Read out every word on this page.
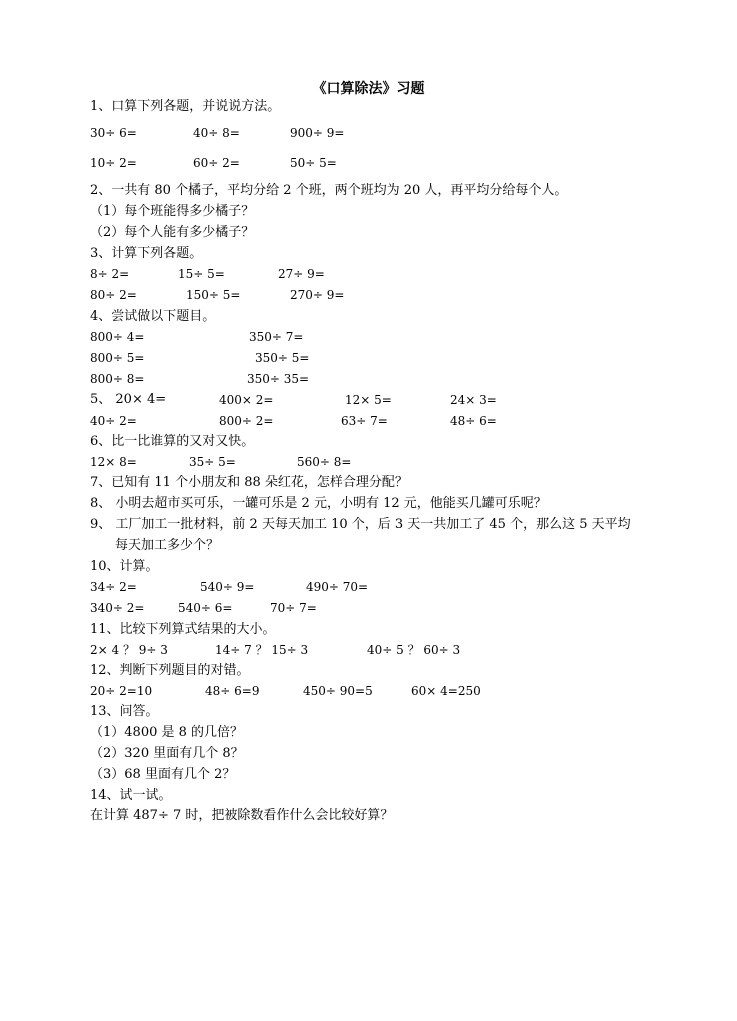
《口算除法》习题
1、口算下列各题，并说说方法。
30÷ 6=	40÷ 8=	900÷ 9=
10÷ 2=	60÷ 2=	50÷ 5=
2、一共有 80 个橘子，平均分给 2 个班，两个班均为 20 人，再平均分给每个人。
（1）每个班能得多少橘子？
（2）每个人能有多少橘子？
3、计算下列各题。
8÷ 2=	15÷ 5=	27÷ 9=
80÷ 2=	150÷ 5=	270÷ 9=
4、尝试做以下题目。
800÷ 4=	350÷ 7=
800÷ 5=	350÷ 5=
800÷ 8=	350÷ 35=
5、 20× 4=	400× 2=	12× 5=	24× 3=
40÷ 2=	800÷ 2=	63÷ 7=	48÷ 6=
6、比一比谁算的又对又快。
12× 8=	35÷ 5=	560÷ 8=
7、已知有 11 个小朋友和 88 朵红花，怎样合理分配？
8、 小明去超市买可乐，一罐可乐是 2 元，小明有 12 元，他能买几罐可乐呢？
9、 工厂加工一批材料，前 2 天每天加工 10 个，后 3 天一共加工了 45 个，那么这 5 天平均
每天加工多少个？
10、计算。
34÷ 2=	540÷ 9=	490÷ 70=
340÷ 2=	540÷ 6=	70÷ 7=
11、比较下列算式结果的大小。
2× 4 ？ 9÷ 3	14÷ 7 ？ 15÷ 3	40÷ 5 ？ 60÷ 3
12、判断下列题目的对错。
20÷ 2=10	48÷ 6=9	450÷ 90=5	60× 4=250
13、问答。
（1）4800 是 8 的几倍？
（2）320 里面有几个 8？
（3）68 里面有几个 2？
14、试一试。
在计算 487÷ 7 时，把被除数看作什么会比较好算？
